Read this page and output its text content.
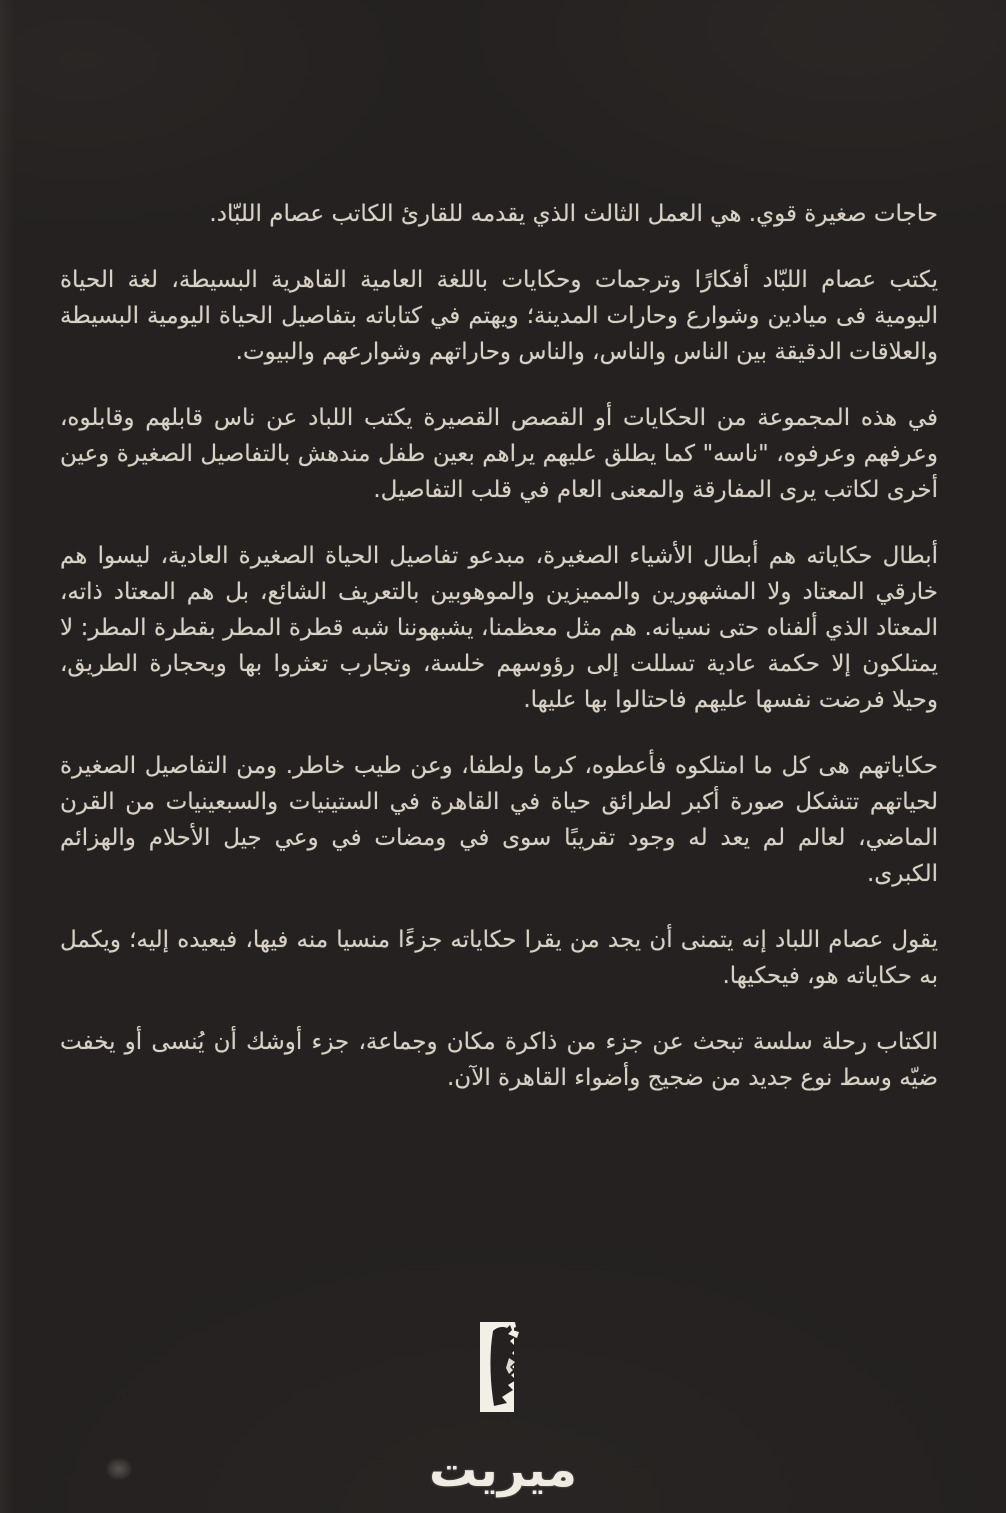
حاجات صغيرة قوي. هي العمل الثالث الذي يقدمه للقارئ الكاتب عصام اللبّاد.

يكتب عصام اللبّاد أفكارًا وترجمات وحكايات باللغة العامية القاهرية البسيطة، لغة الحياة اليومية فى ميادين وشوارع وحارات المدينة؛ ويهتم في كتاباته بتفاصيل الحياة اليومية البسيطة والعلاقات الدقيقة بين الناس والناس، والناس وحاراتهم وشوارعهم والبيوت.

في هذه المجموعة من الحكايات أو القصص القصيرة يكتب اللباد عن ناس قابلهم وقابلوه، وعرفهم وعرفوه، "ناسه" كما يطلق عليهم يراهم بعين طفل مندهش بالتفاصيل الصغيرة وعين أخرى لكاتب يرى المفارقة والمعنى العام في قلب التفاصيل.

أبطال حكاياته هم أبطال الأشياء الصغيرة، مبدعو تفاصيل الحياة الصغيرة العادية، ليسوا هم خارقي المعتاد ولا المشهورين والمميزين والموهوبين بالتعريف الشائع، بل هم المعتاد ذاته، المعتاد الذي ألفناه حتى نسيانه. هم مثل معظمنا، يشبهوننا شبه قطرة المطر بقطرة المطر: لا يمتلكون إلا حكمة عادية تسللت إلى رؤوسهم خلسة، وتجارب تعثروا بها وبحجارة الطريق، وحيلا فرضت نفسها عليهم فاحتالوا بها عليها.

حكاياتهم هى كل ما امتلكوه فأعطوه، كرما ولطفا، وعن طيب خاطر. ومن التفاصيل الصغيرة لحياتهم تتشكل صورة أكبر لطرائق حياة في القاهرة في الستينيات والسبعينيات من القرن الماضي، لعالم لم يعد له وجود تقريبًا سوى في ومضات في وعي جيل الأحلام والهزائم الكبرى.

يقول عصام اللباد إنه يتمنى أن يجد من يقرا حكاياته جزءًا منسيا منه فيها، فيعيده إليه؛ ويكمل به حكاياته هو، فيحكيها.

الكتاب رحلة سلسة تبحث عن جزء من ذاكرة مكان وجماعة، جزء أوشك أن يُنسى أو يخفت ضيّه وسط نوع جديد من ضجيج وأضواء القاهرة الآن.

ميريت
